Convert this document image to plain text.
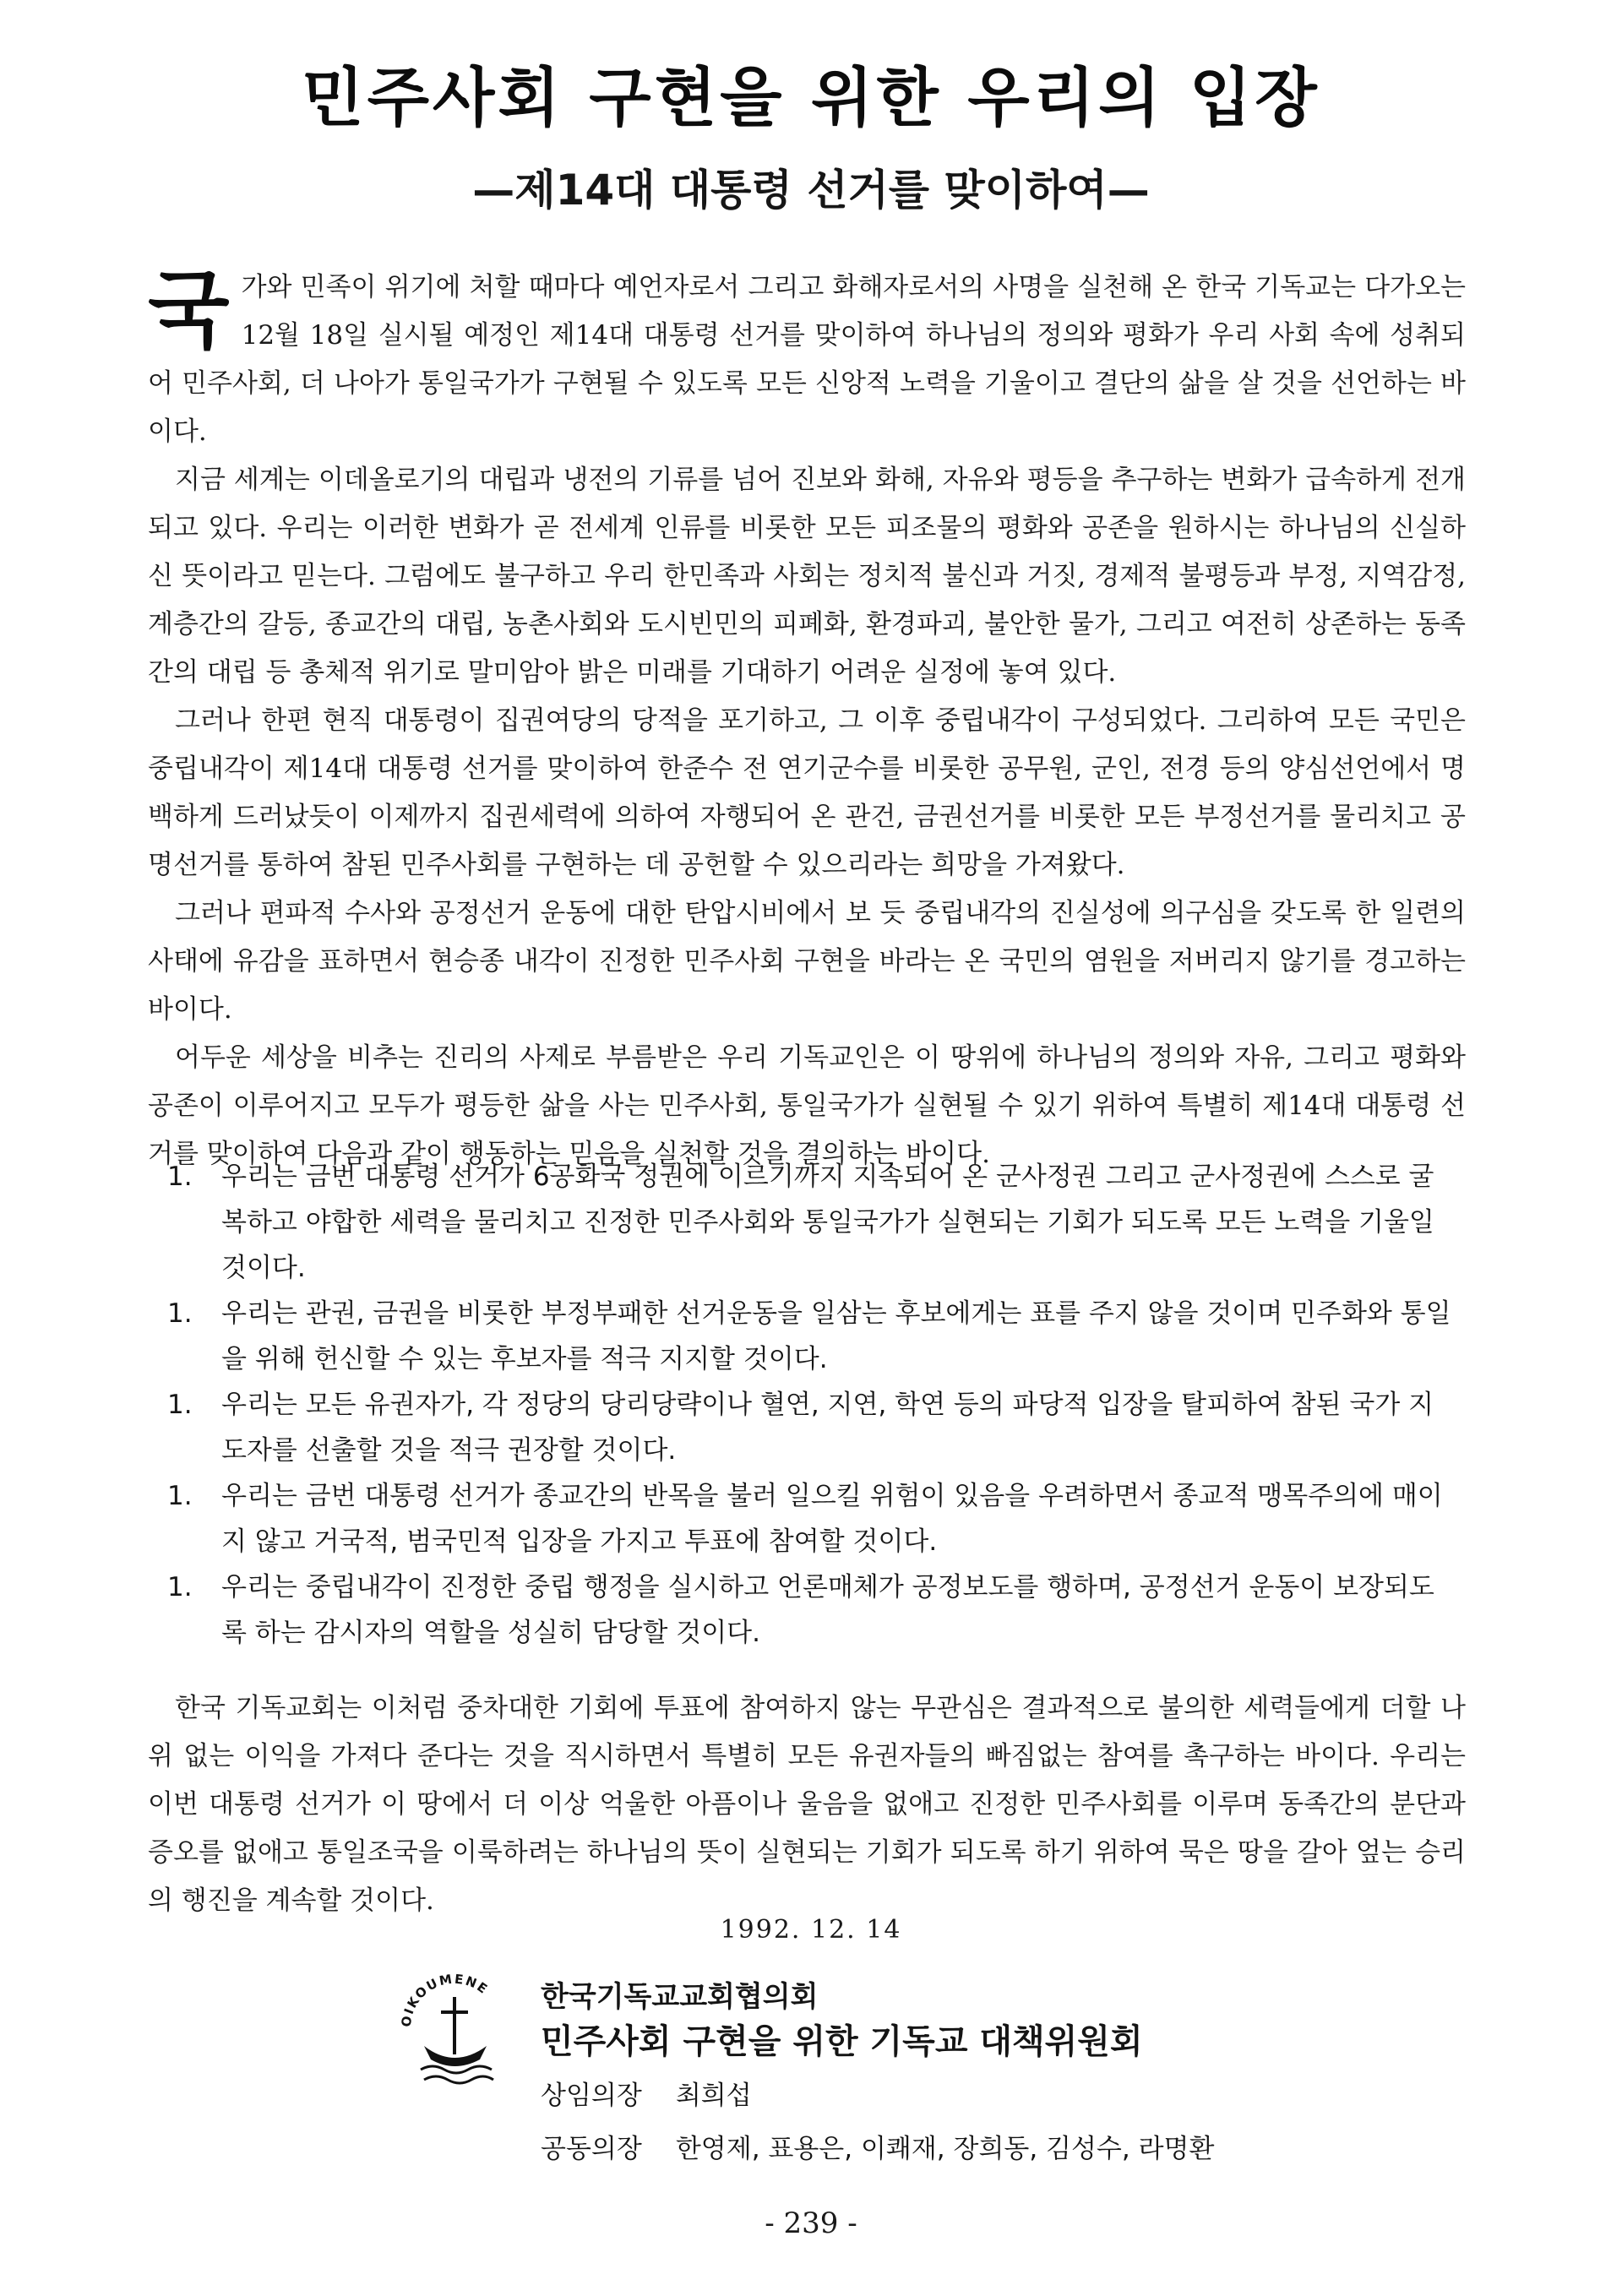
민주사회 구현을 위한 우리의 입장
—제14대 대통령 선거를 맞이하여—

국가와 민족이 위기에 처할 때마다 예언자로서 그리고 화해자로서의 사명을 실천해 온 한국 기독교는 다가오는 12월 18일 실시될 예정인 제14대 대통령 선거를 맞이하여 하나님의 정의와 평화가 우리 사회 속에 성취되어 민주사회, 더 나아가 통일국가가 구현될 수 있도록 모든 신앙적 노력을 기울이고 결단의 삶을 살 것을 선언하는 바이다.

지금 세계는 이데올로기의 대립과 냉전의 기류를 넘어 진보와 화해, 자유와 평등을 추구하는 변화가 급속하게 전개되고 있다. 우리는 이러한 변화가 곧 전세계 인류를 비롯한 모든 피조물의 평화와 공존을 원하시는 하나님의 신실하신 뜻이라고 믿는다. 그럼에도 불구하고 우리 한민족과 사회는 정치적 불신과 거짓, 경제적 불평등과 부정, 지역감정, 계층간의 갈등, 종교간의 대립, 농촌사회와 도시빈민의 피폐화, 환경파괴, 불안한 물가, 그리고 여전히 상존하는 동족간의 대립 등 총체적 위기로 말미암아 밝은 미래를 기대하기 어려운 실정에 놓여 있다.

그러나 한편 현직 대통령이 집권여당의 당적을 포기하고, 그 이후 중립내각이 구성되었다. 그리하여 모든 국민은 중립내각이 제14대 대통령 선거를 맞이하여 한준수 전 연기군수를 비롯한 공무원, 군인, 전경 등의 양심선언에서 명백하게 드러났듯이 이제까지 집권세력에 의하여 자행되어 온 관건, 금권선거를 비롯한 모든 부정선거를 물리치고 공명선거를 통하여 참된 민주사회를 구현하는 데 공헌할 수 있으리라는 희망을 가져왔다.

그러나 편파적 수사와 공정선거 운동에 대한 탄압시비에서 보 듯 중립내각의 진실성에 의구심을 갖도록 한 일련의 사태에 유감을 표하면서 현승종 내각이 진정한 민주사회 구현을 바라는 온 국민의 염원을 저버리지 않기를 경고하는 바이다.

어두운 세상을 비추는 진리의 사제로 부름받은 우리 기독교인은 이 땅위에 하나님의 정의와 자유, 그리고 평화와 공존이 이루어지고 모두가 평등한 삶을 사는 민주사회, 통일국가가 실현될 수 있기 위하여 특별히 제14대 대통령 선거를 맞이하여 다음과 같이 행동하는 믿음을 실천할 것을 결의하는 바이다.

1. 우리는 금번 대통령 선거가 6공화국 정권에 이르기까지 지속되어 온 군사정권 그리고 군사정권에 스스로 굴복하고 야합한 세력을 물리치고 진정한 민주사회와 통일국가가 실현되는 기회가 되도록 모든 노력을 기울일 것이다.
1. 우리는 관권, 금권을 비롯한 부정부패한 선거운동을 일삼는 후보에게는 표를 주지 않을 것이며 민주화와 통일을 위해 헌신할 수 있는 후보자를 적극 지지할 것이다.
1. 우리는 모든 유권자가, 각 정당의 당리당략이나 혈연, 지연, 학연 등의 파당적 입장을 탈피하여 참된 국가 지도자를 선출할 것을 적극 권장할 것이다.
1. 우리는 금번 대통령 선거가 종교간의 반목을 불러 일으킬 위험이 있음을 우려하면서 종교적 맹목주의에 매이지 않고 거국적, 범국민적 입장을 가지고 투표에 참여할 것이다.
1. 우리는 중립내각이 진정한 중립 행정을 실시하고 언론매체가 공정보도를 행하며, 공정선거 운동이 보장되도록 하는 감시자의 역할을 성실히 담당할 것이다.

한국 기독교회는 이처럼 중차대한 기회에 투표에 참여하지 않는 무관심은 결과적으로 불의한 세력들에게 더할 나위 없는 이익을 가져다 준다는 것을 직시하면서 특별히 모든 유권자들의 빠짐없는 참여를 촉구하는 바이다. 우리는 이번 대통령 선거가 이 땅에서 더 이상 억울한 아픔이나 울음을 없애고 진정한 민주사회를 이루며 동족간의 분단과 증오를 없애고 통일조국을 이룩하려는 하나님의 뜻이 실현되는 기회가 되도록 하기 위하여 묵은 땅을 갈아 엎는 승리의 행진을 계속할 것이다.

1992. 12. 14
OIKOUMENE 한국기독교교회협의회
민주사회 구현을 위한 기독교 대책위원회
상임의장 최희섭
공동의장 한영제, 표용은, 이쾌재, 장희동, 김성수, 라명환
- 239 -
